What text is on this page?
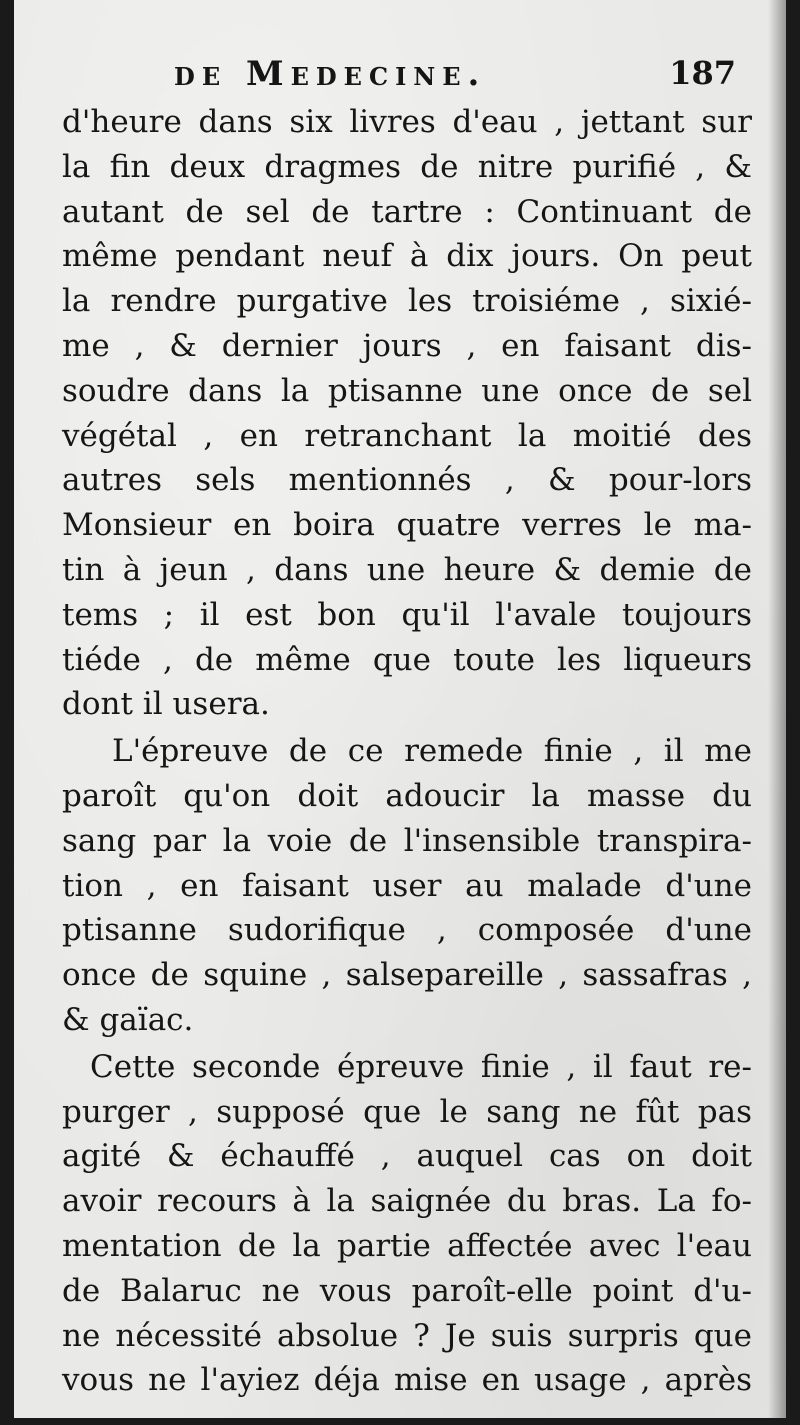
de Medecine.	187
d'heure dans six livres d'eau , jettant sur
la fin deux dragmes de nitre purifié , &
autant de sel de tartre : Continuant de
même pendant neuf à dix jours. On peut
la rendre purgative les troisiéme , sixié-
me , & dernier jours , en faisant dis-
soudre dans la ptisanne une once de sel
végétal , en retranchant la moitié des
autres sels mentionnés , & pour-lors
Monsieur en boira quatre verres le ma-
tin à jeun , dans une heure & demie de
tems ; il est bon qu'il l'avale toujours
tiéde , de même que toute les liqueurs
dont il usera.
L'épreuve de ce remede finie , il me
paroît qu'on doit adoucir la masse du
sang par la voie de l'insensible transpira-
tion , en faisant user au malade d'une
ptisanne sudorifique , composée d'une
once de squine , salsepareille , sassafras ,
& gaïac.
Cette seconde épreuve finie , il faut re-
purger , supposé que le sang ne fût pas
agité & échauffé , auquel cas on doit
avoir recours à la saignée du bras. La fo-
mentation de la partie affectée avec l'eau
de Balaruc ne vous paroît-elle point d'u-
ne nécessité absolue ? Je suis surpris que
vous ne l'ayiez déja mise en usage , après
